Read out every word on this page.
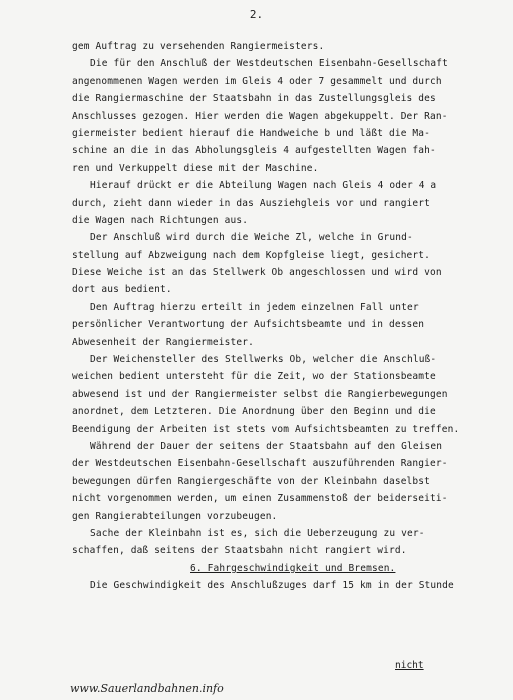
2.
gem Auftrag zu versehenden Rangiermeisters.
Die für den Anschluß der Westdeutschen Eisenbahn-Gesellschaft
angenommenen Wagen werden im Gleis 4 oder 7 gesammelt und durch
die Rangiermaschine der Staatsbahn in das Zustellungsgleis des
Anschlusses gezogen. Hier werden die Wagen abgekuppelt. Der Ran-
giermeister bedient hierauf die Handweiche b und läßt die Ma-
schine an die in das Abholungsgleis 4 aufgestellten Wagen fah-
ren und Verkuppelt diese mit der Maschine.
Hierauf drückt er die Abteilung Wagen nach Gleis 4 oder 4 a
durch, zieht dann wieder in das Ausziehgleis vor und rangiert
die Wagen nach Richtungen aus.
Der Anschluß wird durch die Weiche Zl, welche in Grund-
stellung auf Abzweigung nach dem Kopfgleise liegt, gesichert.
Diese Weiche ist an das Stellwerk Ob angeschlossen und wird von
dort aus bedient.
Den Auftrag hierzu erteilt in jedem einzelnen Fall unter
persönlicher Verantwortung der Aufsichtsbeamte und in dessen
Abwesenheit der Rangiermeister.
Der Weichensteller des Stellwerks Ob, welcher die Anschluß-
weichen bedient untersteht für die Zeit, wo der Stationsbeamte
abwesend ist und der Rangiermeister selbst die Rangierbewegungen
anordnet, dem Letzteren. Die Anordnung über den Beginn und die
Beendigung der Arbeiten ist stets vom Aufsichtsbeamten zu treffen.
Während der Dauer der seitens der Staatsbahn auf den Gleisen
der Westdeutschen Eisenbahn-Gesellschaft auszuführenden Rangier-
bewegungen dürfen Rangiergeschäfte von der Kleinbahn daselbst
nicht vorgenommen werden, um einen Zusammenstoß der beiderseiti-
gen Rangierabteilungen vorzubeugen.
Sache der Kleinbahn ist es, sich die Ueberzeugung zu ver-
schaffen, daß seitens der Staatsbahn nicht rangiert wird.
6. Fahrgeschwindigkeit und Bremsen.
Die Geschwindigkeit des Anschlußzuges darf 15 km in der Stunde
nicht
www.Sauerlandbahnen.info
